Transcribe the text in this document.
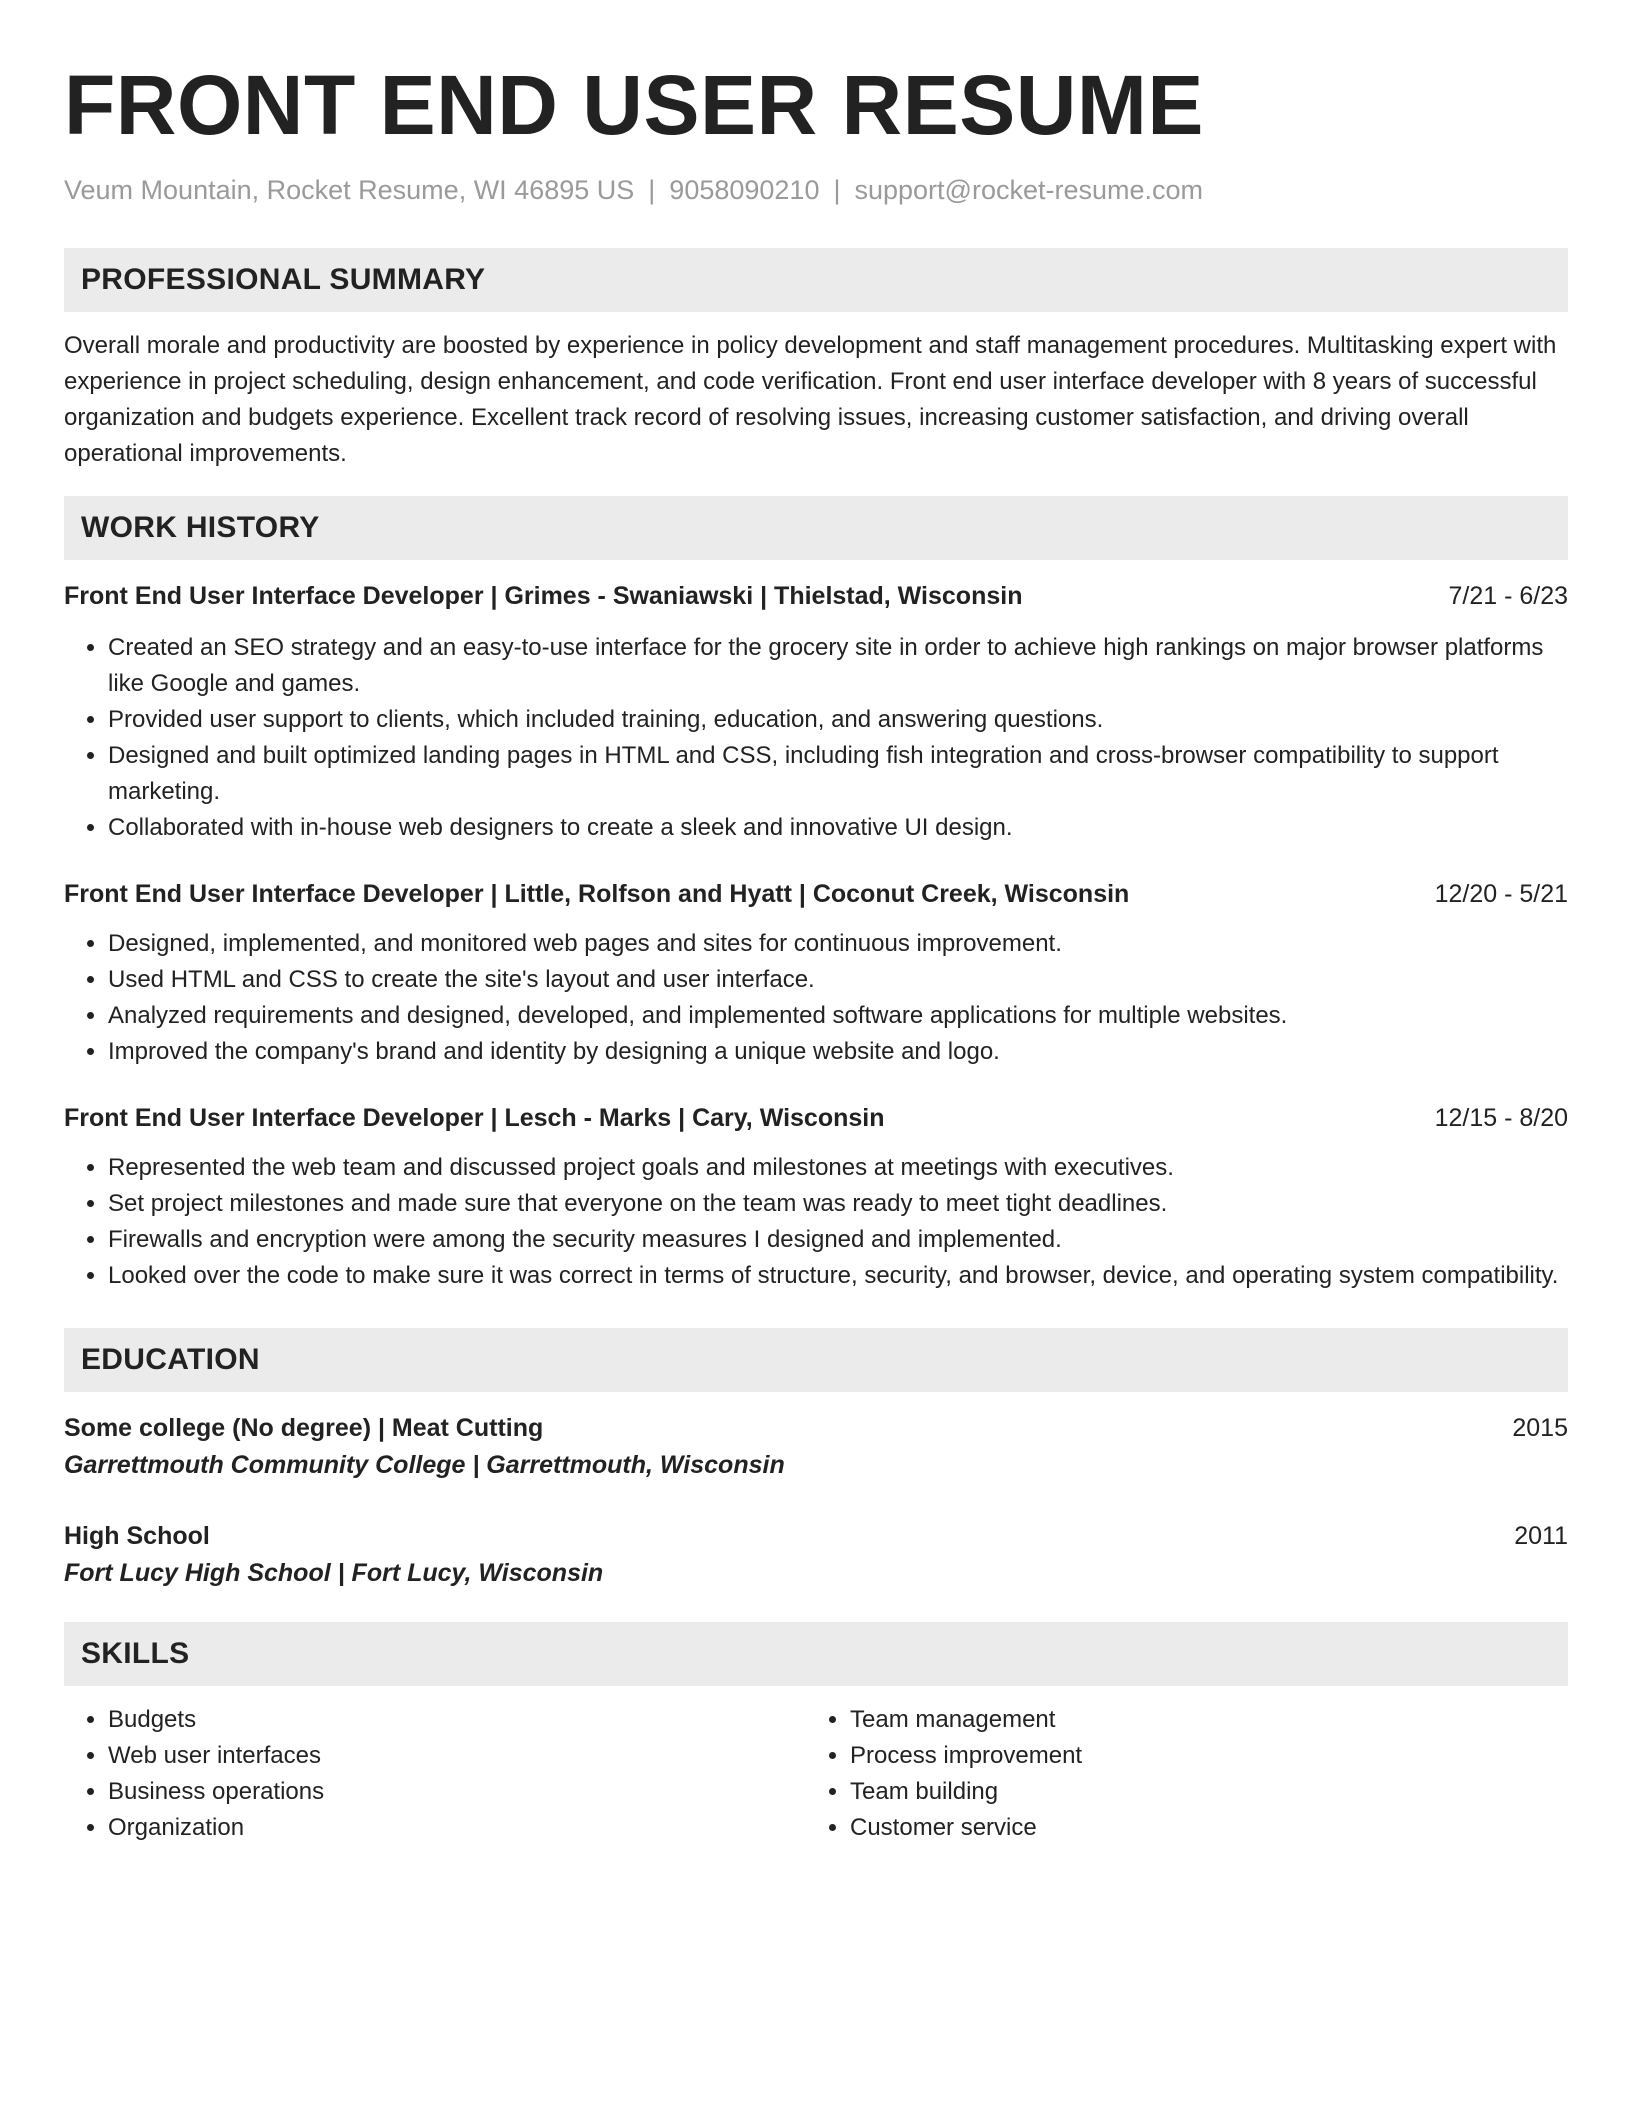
FRONT END USER RESUME
Veum Mountain, Rocket Resume, WI 46895 US | 9058090210 | support@rocket-resume.com
PROFESSIONAL SUMMARY

Overall morale and productivity are boosted by experience in policy development and staff management procedures. Multitasking expert with experience in project scheduling, design enhancement, and code verification. Front end user interface developer with 8 years of successful organization and budgets experience. Excellent track record of resolving issues, increasing customer satisfaction, and driving overall operational improvements.

WORK HISTORY
Front End User Interface Developer | Grimes - Swaniawski | Thielstad, Wisconsin	7/21 - 6/23
• Created an SEO strategy and an easy-to-use interface for the grocery site in order to achieve high rankings on major browser platforms like Google and games.
• Provided user support to clients, which included training, education, and answering questions.
• Designed and built optimized landing pages in HTML and CSS, including fish integration and cross-browser compatibility to support marketing.
• Collaborated with in-house web designers to create a sleek and innovative UI design.
Front End User Interface Developer | Little, Rolfson and Hyatt | Coconut Creek, Wisconsin	12/20 - 5/21
• Designed, implemented, and monitored web pages and sites for continuous improvement.
• Used HTML and CSS to create the site's layout and user interface.
• Analyzed requirements and designed, developed, and implemented software applications for multiple websites.
• Improved the company's brand and identity by designing a unique website and logo.
Front End User Interface Developer | Lesch - Marks | Cary, Wisconsin	12/15 - 8/20
• Represented the web team and discussed project goals and milestones at meetings with executives.
• Set project milestones and made sure that everyone on the team was ready to meet tight deadlines.
• Firewalls and encryption were among the security measures I designed and implemented.
• Looked over the code to make sure it was correct in terms of structure, security, and browser, device, and operating system compatibility.
EDUCATION
Some college (No degree) | Meat Cutting	2015
Garrettmouth Community College | Garrettmouth, Wisconsin
High School	2011
Fort Lucy High School | Fort Lucy, Wisconsin
SKILLS
• Budgets
• Web user interfaces
• Business operations
• Organization
• Team management
• Process improvement
• Team building
• Customer service
